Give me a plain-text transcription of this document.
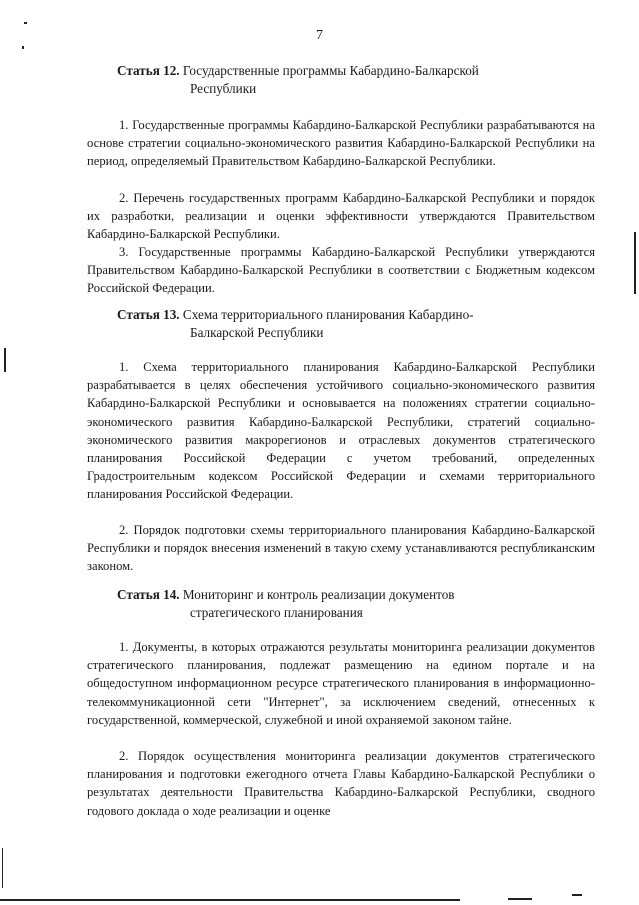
7
Статья 12. Государственные программы Кабардино-Балкарской
Республики

1. Государственные программы Кабардино-Балкарской Республики разрабатываются на основе стратегии социально-экономического развития Кабардино-Балкарской Республики на период, определяемый Правительством Кабардино-Балкарской Республики.

2. Перечень государственных программ Кабардино-Балкарской Республики и порядок их разработки, реализации и оценки эффективности утверждаются Правительством Кабардино-Балкарской Республики.

3. Государственные программы Кабардино-Балкарской Республики утверждаются Правительством Кабардино-Балкарской Республики в соответствии с Бюджетным кодексом Российской Федерации.

Статья 13. Схема территориального планирования Кабардино-
Балкарской Республики

1. Схема территориального планирования Кабардино-Балкарской Республики разрабатывается в целях обеспечения устойчивого социально-экономического развития Кабардино-Балкарской Республики и основывается на положениях стратегии социально-экономического развития Кабардино-Балкарской Республики, стратегий социально-экономического развития макрорегионов и отраслевых документов стратегического планирования Российской Федерации с учетом требований, определенных Градостроительным кодексом Российской Федерации и схемами территориального планирования Российской Федерации.

2. Порядок подготовки схемы территориального планирования Кабардино-Балкарской Республики и порядок внесения изменений в такую схему устанавливаются республиканским законом.

Статья 14. Мониторинг и контроль реализации документов
стратегического планирования

1. Документы, в которых отражаются результаты мониторинга реализации документов стратегического планирования, подлежат размещению на едином портале и на общедоступном информационном ресурсе стратегического планирования в информационно-телекоммуникационной сети "Интернет", за исключением сведений, отнесенных к государственной, коммерческой, служебной и иной охраняемой законом тайне.

2. Порядок осуществления мониторинга реализации документов стратегического планирования и подготовки ежегодного отчета Главы Кабардино-Балкарской Республики о результатах деятельности Правительства Кабардино-Балкарской Республики, сводного годового доклада о ходе реализации и оценке
